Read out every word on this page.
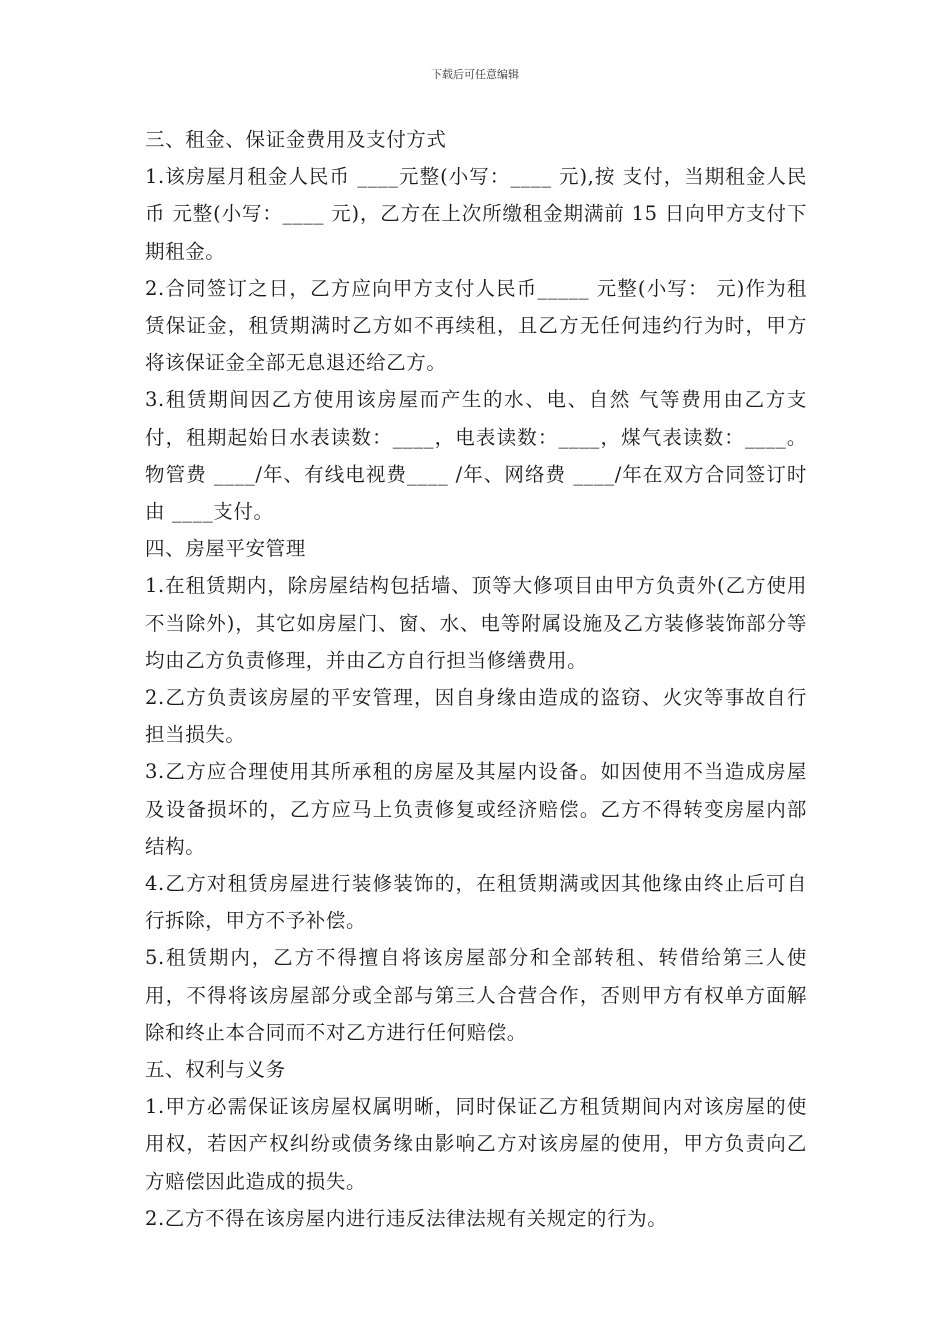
下载后可任意编辑

三、租金、保证金费用及支付方式

1.该房屋月租金人民币 ____元整(小写：____ 元),按 支付，当期租金人民币 元整(小写：____ 元)，乙方在上次所缴租金期满前 15 日向甲方支付下期租金。

2.合同签订之日，乙方应向甲方支付人民币_____ 元整(小写： 元)作为租赁保证金，租赁期满时乙方如不再续租，且乙方无任何违约行为时，甲方将该保证金全部无息退还给乙方。

3.租赁期间因乙方使用该房屋而产生的水、电、自然 气等费用由乙方支付，租期起始日水表读数：____，电表读数：____，煤气表读数：____。物管费 ____/年、有线电视费____ /年、网络费 ____/年在双方合同签订时由 ____支付。

四、房屋平安管理

1.在租赁期内，除房屋结构包括墙、顶等大修项目由甲方负责外(乙方使用不当除外)，其它如房屋门、窗、水、电等附属设施及乙方装修装饰部分等均由乙方负责修理，并由乙方自行担当修缮费用。

2.乙方负责该房屋的平安管理，因自身缘由造成的盗窃、火灾等事故自行担当损失。

3.乙方应合理使用其所承租的房屋及其屋内设备。如因使用不当造成房屋及设备损坏的，乙方应马上负责修复或经济赔偿。乙方不得转变房屋内部结构。

4.乙方对租赁房屋进行装修装饰的，在租赁期满或因其他缘由终止后可自行拆除，甲方不予补偿。

5.租赁期内，乙方不得擅自将该房屋部分和全部转租、转借给第三人使用，不得将该房屋部分或全部与第三人合营合作，否则甲方有权单方面解除和终止本合同而不对乙方进行任何赔偿。

五、权利与义务

1.甲方必需保证该房屋权属明晰，同时保证乙方租赁期间内对该房屋的使用权，若因产权纠纷或债务缘由影响乙方对该房屋的使用，甲方负责向乙方赔偿因此造成的损失。

2.乙方不得在该房屋内进行违反法律法规有关规定的行为。
